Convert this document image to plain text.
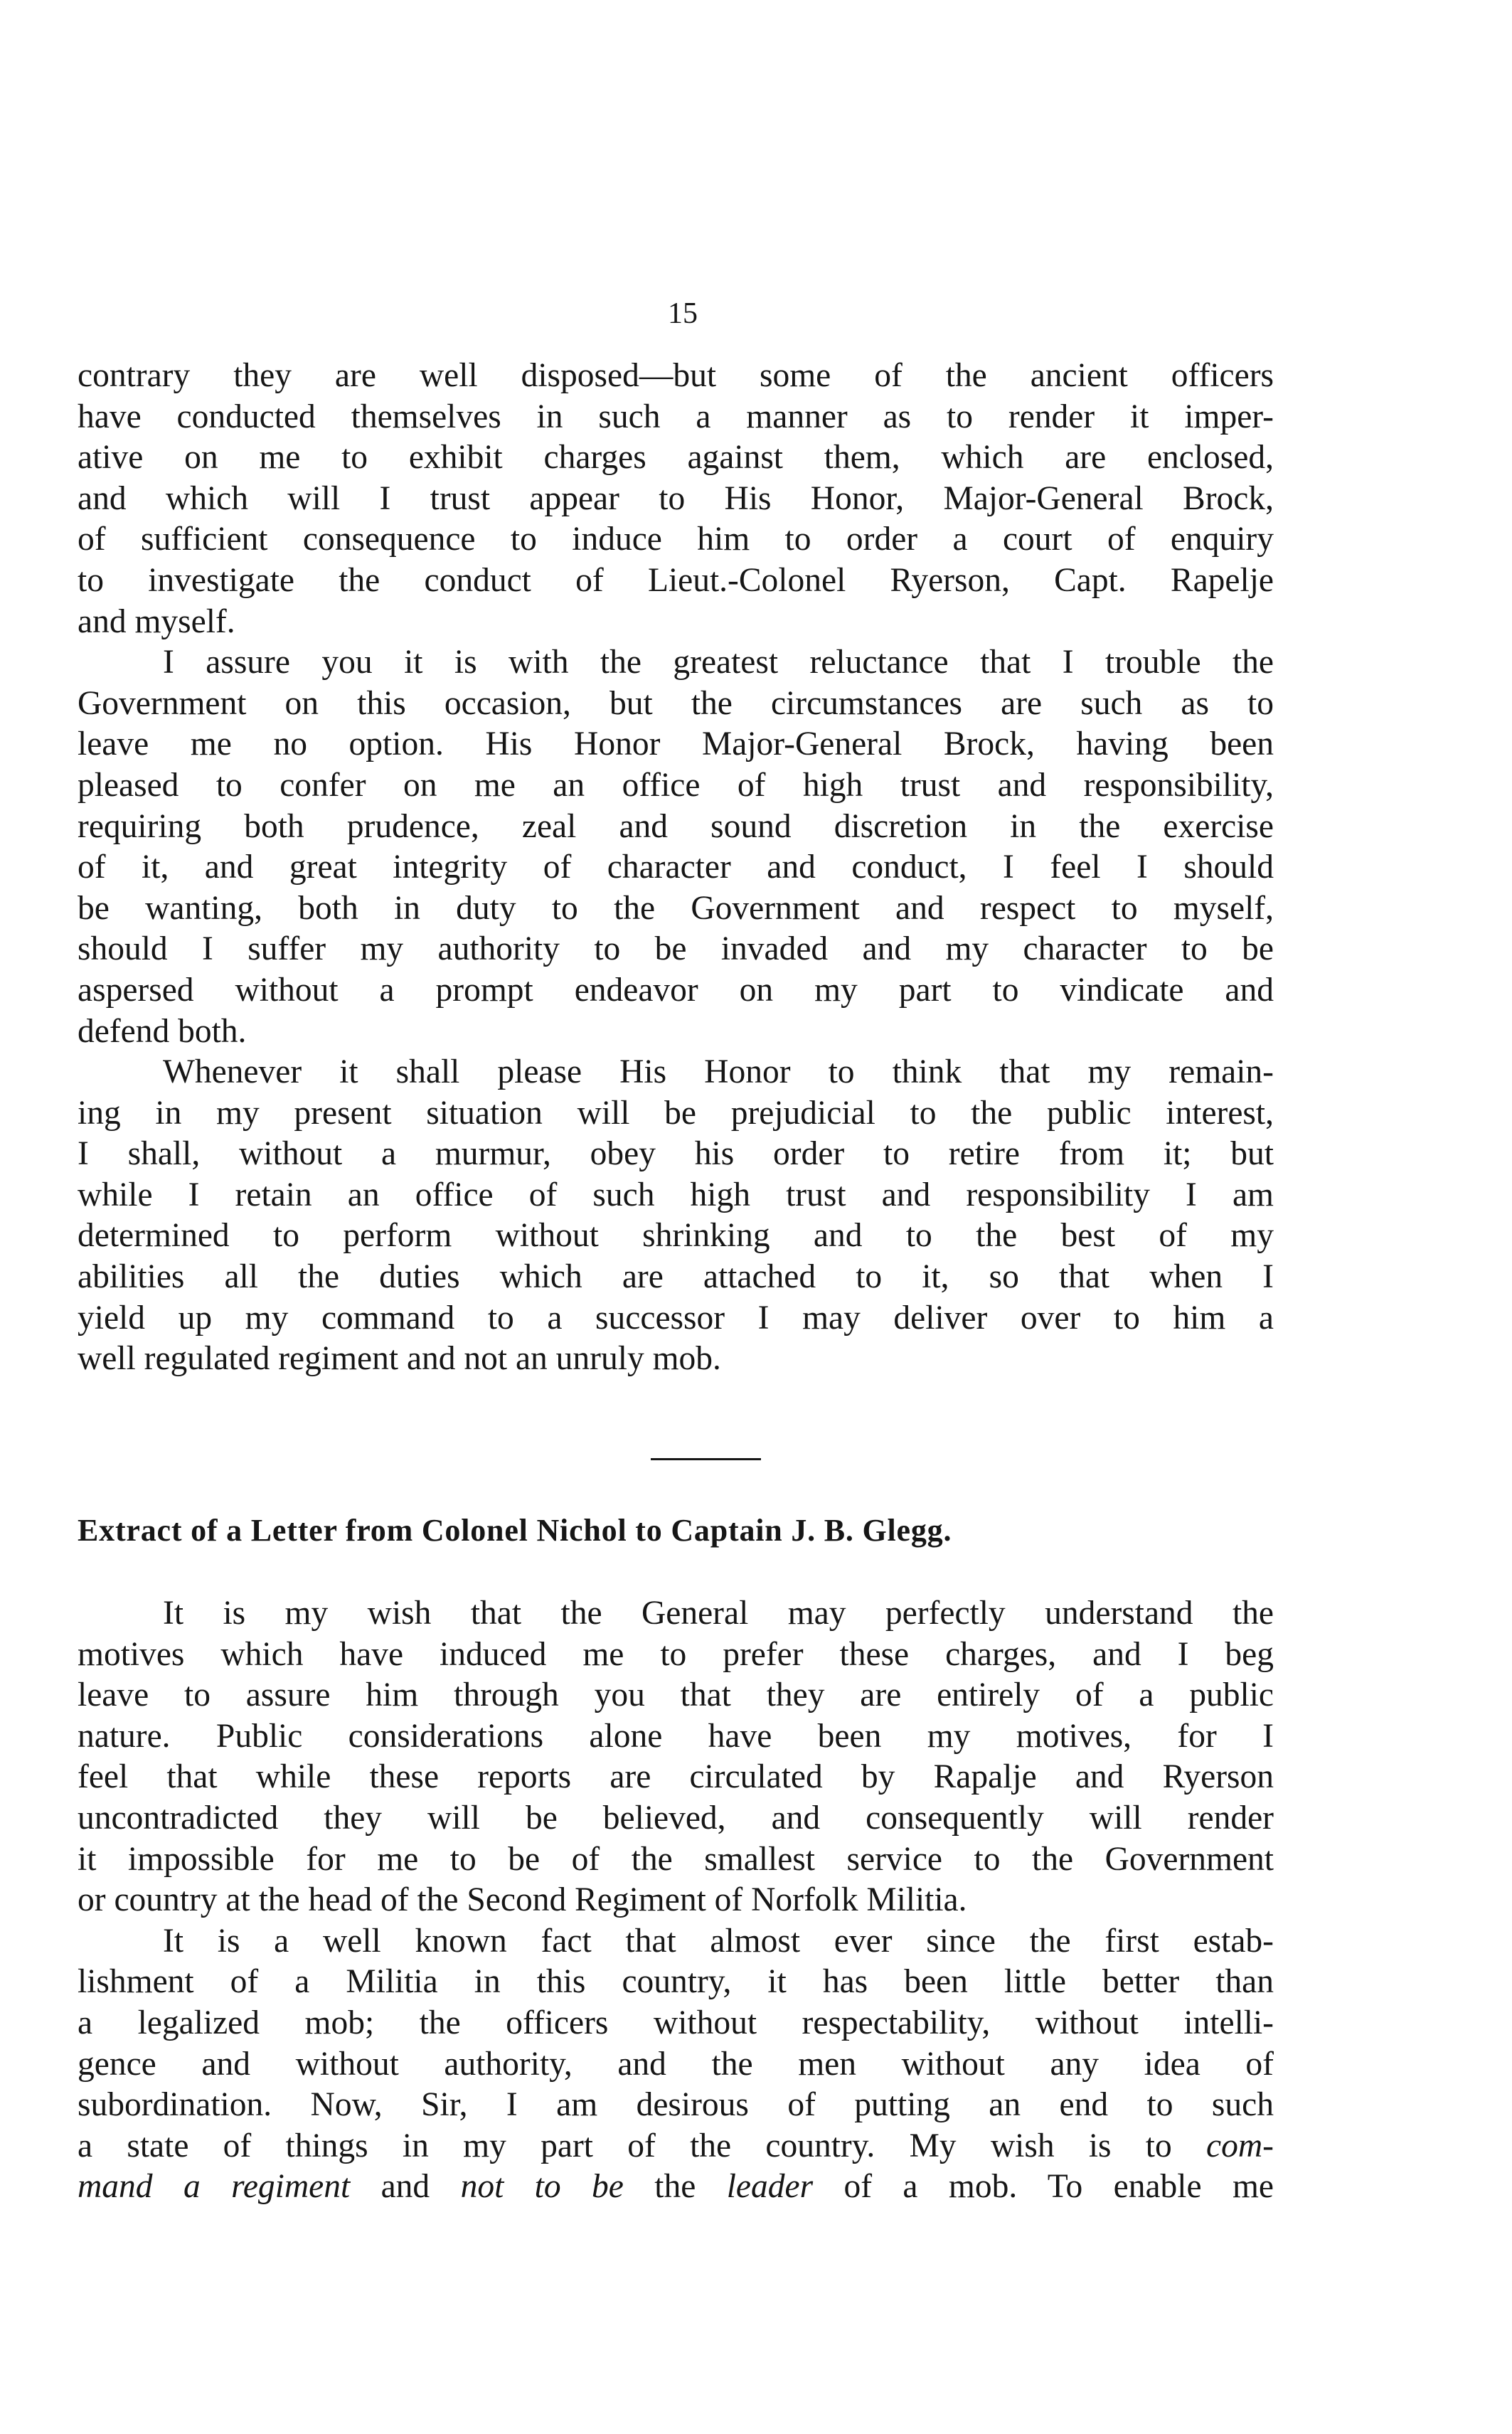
15
contrary they are well disposed—but some of the ancient officers
have conducted themselves in such a manner as to render it imper-
ative on me to exhibit charges against them, which are enclosed,
and which will I trust appear to His Honor, Major-General Brock,
of sufficient consequence to induce him to order a court of enquiry
to investigate the conduct of Lieut.-Colonel Ryerson, Capt. Rapelje
and myself.
I assure you it is with the greatest reluctance that I trouble the
Government on this occasion, but the circumstances are such as to
leave me no option. His Honor Major-General Brock, having been
pleased to confer on me an office of high trust and responsibility,
requiring both prudence, zeal and sound discretion in the exercise
of it, and great integrity of character and conduct, I feel I should
be wanting, both in duty to the Government and respect to myself,
should I suffer my authority to be invaded and my character to be
aspersed without a prompt endeavor on my part to vindicate and
defend both.
Whenever it shall please His Honor to think that my remain-
ing in my present situation will be prejudicial to the public interest,
I shall, without a murmur, obey his order to retire from it; but
while I retain an office of such high trust and responsibility I am
determined to perform without shrinking and to the best of my
abilities all the duties which are attached to it, so that when I
yield up my command to a successor I may deliver over to him a
well regulated regiment and not an unruly mob.
Extract of a Letter from Colonel Nichol to Captain J. B. Glegg.
It is my wish that the General may perfectly understand the
motives which have induced me to prefer these charges, and I beg
leave to assure him through you that they are entirely of a public
nature. Public considerations alone have been my motives, for I
feel that while these reports are circulated by Rapalje and Ryerson
uncontradicted they will be believed, and consequently will render
it impossible for me to be of the smallest service to the Government
or country at the head of the Second Regiment of Norfolk Militia.
It is a well known fact that almost ever since the first estab-
lishment of a Militia in this country, it has been little better than
a legalized mob; the officers without respectability, without intelli-
gence and without authority, and the men without any idea of
subordination. Now, Sir, I am desirous of putting an end to such
a state of things in my part of the country. My wish is to com-
mand a regiment and not to be the leader of a mob. To enable me
